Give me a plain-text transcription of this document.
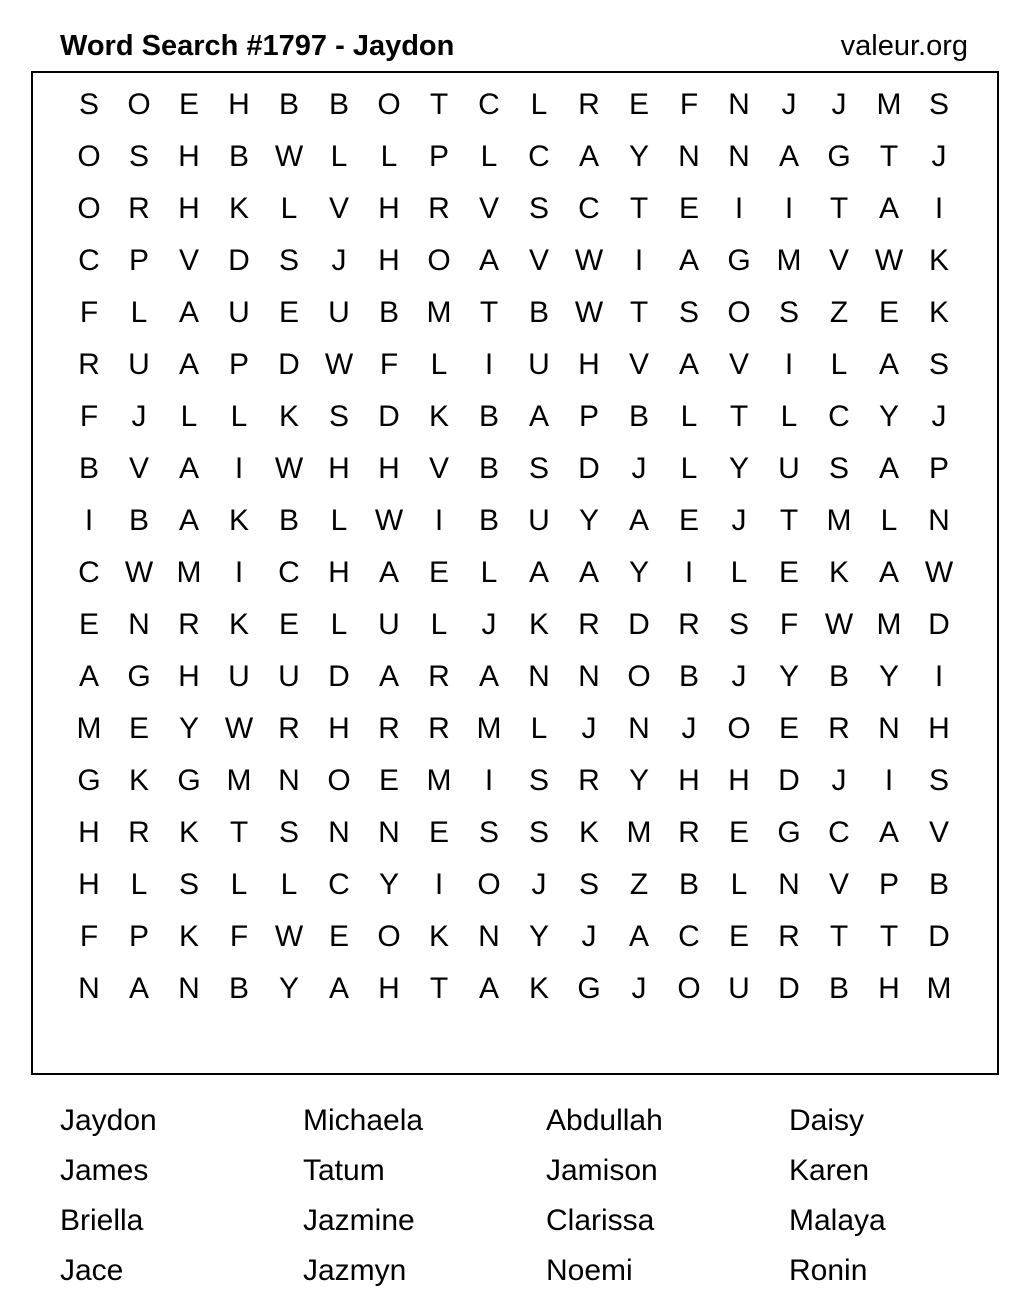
Word Search #1797 - Jaydon	valeur.org
S O E H B B O T	C	L	R E	F	N	J	J	M S
O S H B W L	L	P	L	C A Y N N A G T	J
O R H K	L	V H R V S C	T	E	I	I	T	A	I
C P V D S	J	H O A V W	I	A G M V W K
F	L	A U E U B M T	B W T	S O S	Z	E K
R U A P D W F	L	I	U H V A V	I	L	A S
F	J	L	L	K S D K B A P B	L	T	L	C Y	J
B V A	I	W H H V B S D	J	L	Y U S A P
I	B A K B	L W	I	B U Y A E	J	T M L	N
C W M	I	C H A E	L	A A Y	I	L	E K A W
E N R K E	L	U	L	J	K R D R S	F W M D
A G H U U D A R A N N O B	J	Y B Y	I
M E Y W R H R R M L	J	N	J	O E R N H
G K G M N O E M	I	S R Y H H D	J	I	S
H R K	T	S N N E S S K M R E G C A V
H	L	S	L	L	C Y	I	O	J	S	Z	B	L	N V P B
F	P K	F W E O K N Y	J	A C E R	T	T	D
N A N B Y A H	T	A K G	J	O U D B H M
Jaydon	Michaela	Abdullah	Daisy
James	Tatum	Jamison	Karen
Briella	Jazmine	Clarissa	Malaya
Jace	Jazmyn	Noemi	Ronin
